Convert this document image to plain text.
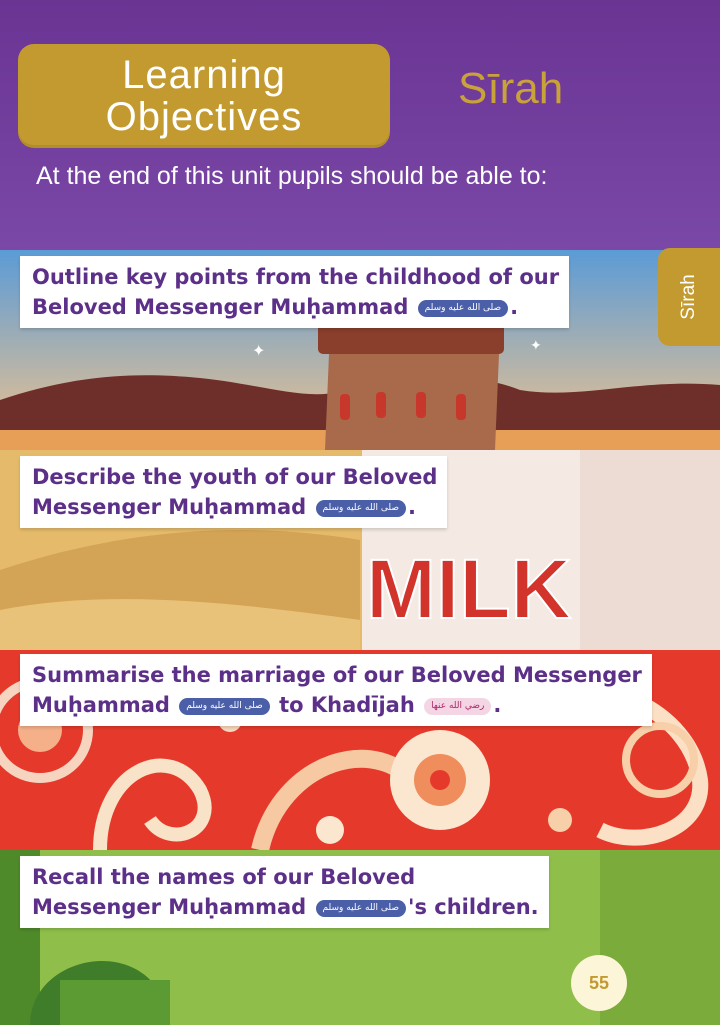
Learning
Objectives
Sīrah
At the end of this unit pupils should be able to:
✦	✦
Outline key points from the childhood of our
Beloved Messenger Muḥammad صلى الله عليه وسلم .	Sīrah
MILK
Describe the youth of our Beloved
Messenger Muḥammad صلى الله عليه وسلم .
Summarise the marriage of our Beloved Messenger
Muḥammad صلى الله عليه وسلم to Khadījah رضي الله عنها .
Recall the names of our Beloved
Messenger Muḥammad صلى الله عليه وسلم 's children.
55
